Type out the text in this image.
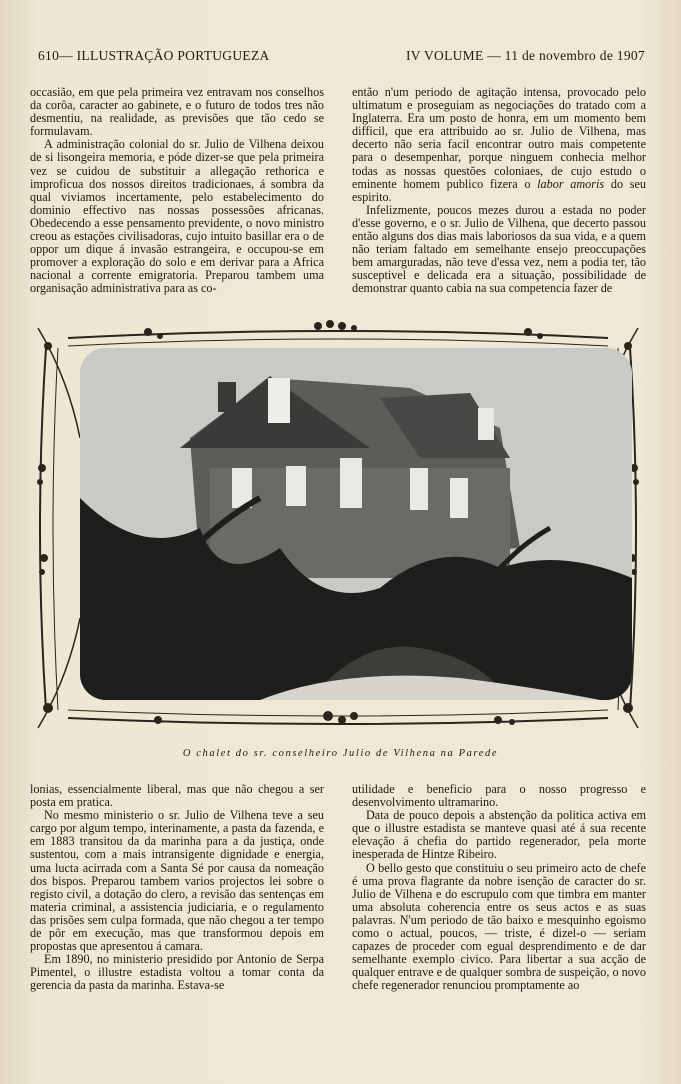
610— ILLUSTRAÇÃO PORTUGUEZA	IV VOLUME — 11 de novembro de 1907

occasião, em que pela primeira vez entravam nos conselhos da corôa, caracter ao gabinete, e o futuro de todos tres não desmentiu, na realidade, as previsões que tão cedo se formulavam.

A administração colonial do sr. Julio de Vilhena deixou de si lisongeira memoria, e póde dizer-se que pela primeira vez se cuidou de substituir a allegação rethorica e improficua dos nossos direitos tradicionaes, á sombra da qual viviamos incertamente, pelo estabelecimento do dominio effectivo nas nossas possessões africanas. Obedecendo a esse pensamento previdente, o novo ministro creou as estações civilisadoras, cujo intuito basillar era o de oppor um dique á invasão estrangeira, e occupou-se em promover a exploração do solo e em derivar para a Africa nacional a corrente emigratoria. Preparou tambem uma organisação administrativa para as co-

então n'um periodo de agitação intensa, provocado pelo ultimatum e proseguiam as negociações do tratado com a Inglaterra. Era um posto de honra, em um momento bem difficil, que era attribuido ao sr. Julio de Vilhena, mas decerto não seria facil encontrar outro mais competente para o desempenhar, porque ninguem conhecia melhor todas as nossas questões coloniaes, de cujo estudo o eminente homem publico fizera o labor amoris do seu espirito.

Infelizmente, poucos mezes durou a estada no poder d'esse governo, e o sr. Julio de Vilhena, que decerto passou então alguns dos dias mais laboriosos da sua vida, e a quem não teriam faltado em semelhante ensejo preoccupações bem amarguradas, não teve d'essa vez, nem a podia ter, tão susceptivel e delicada era a situação, possibilidade de demonstrar quanto cabia na sua competencia fazer de

O chalet do sr. conselheiro Julio de Vilhena na Parede

lonias, essencialmente liberal, mas que não chegou a ser posta em pratica.

No mesmo ministerio o sr. Julio de Vilhena teve a seu cargo por algum tempo, interinamente, a pasta da fazenda, e em 1883 transitou da da marinha para a da justiça, onde sustentou, com a mais intransigente dignidade e energia, uma lucta acirrada com a Santa Sé por causa da nomeação dos bispos. Preparou tambem varios projectos lei sobre o registo civil, a dotação do clero, a revisão das sentenças em materia criminal, a assistencia judiciaria, e o regulamento das prisões sem culpa formada, que não chegou a ter tempo de pôr em execução, mas que transformou depois em propostas que apresentou á camara.

Em 1890, no ministerio presidido por Antonio de Serpa Pimentel, o illustre estadista voltou a tomar conta da gerencia da pasta da marinha. Estava-se

utilidade e beneficio para o nosso progresso e desenvolvimento ultramarino.

Data de pouco depois a abstenção da politica activa em que o illustre estadista se manteve quasi até á sua recente elevação á chefia do partido regenerador, pela morte inesperada de Hintze Ribeiro.

O bello gesto que constituiu o seu primeiro acto de chefe é uma prova flagrante da nobre isenção de caracter do sr. Julio de Vilhena e do escrupulo com que timbra em manter uma absoluta coherencia entre os seus actos e as suas palavras. N'um periodo de tão baixo e mesquinho egoismo como o actual, poucos, — triste, é dizel-o — seriam capazes de proceder com egual desprendimento e de dar semelhante exemplo civico. Para libertar a sua acção de qualquer entrave e de qualquer sombra de suspeição, o novo chefe regenerador renunciou promptamente ao
